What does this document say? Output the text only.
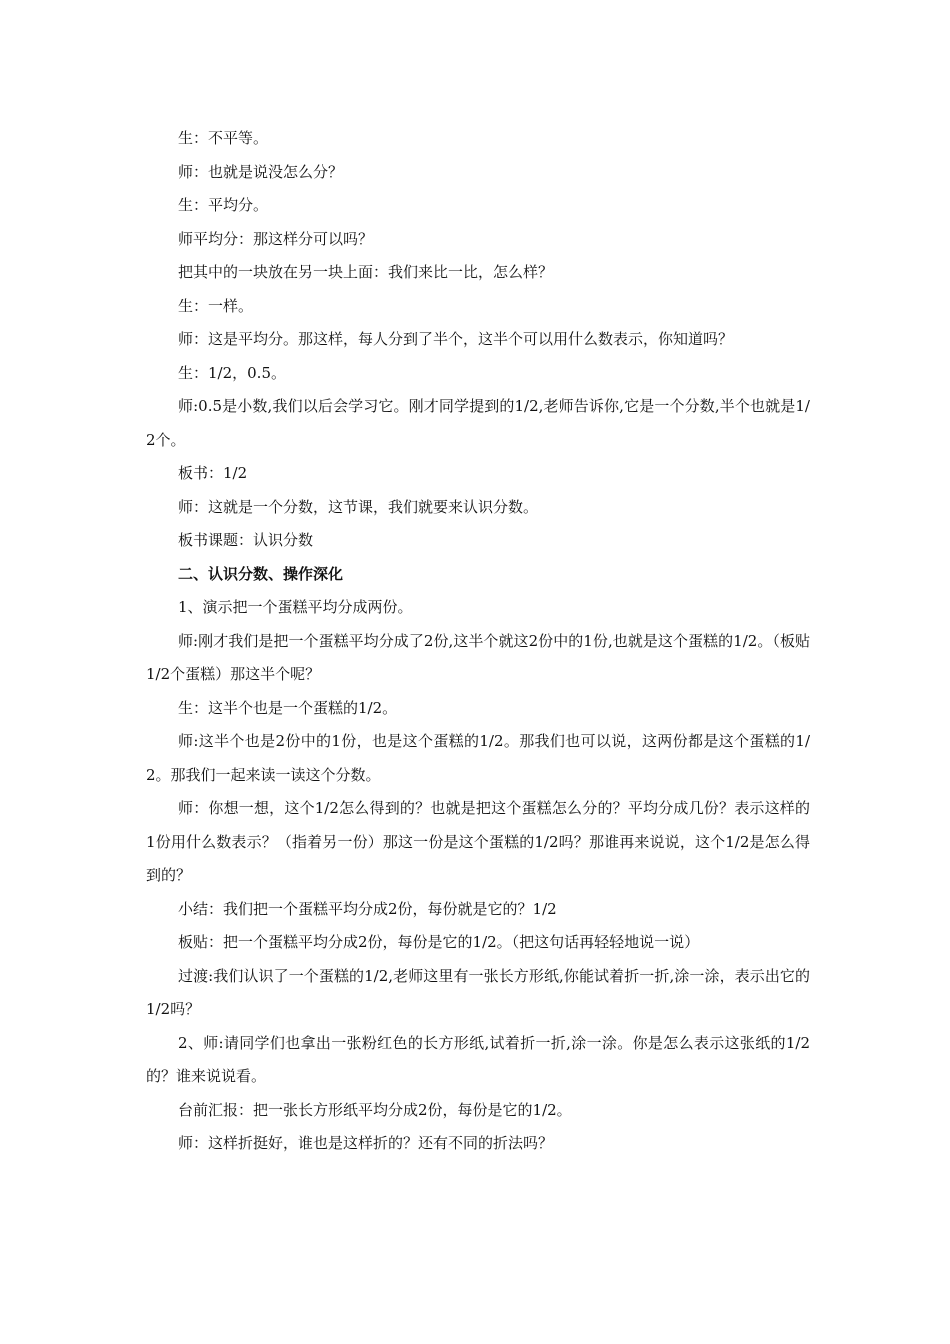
生：不平等。

师：也就是说没怎么分？

生：平均分。

师平均分：那这样分可以吗？

把其中的一块放在另一块上面：我们来比一比，怎么样？

生：一样。

师：这是平均分。那这样，每人分到了半个，这半个可以用什么数表示，你知道吗？

生：1/2，0.5。

师:0.5是小数,我们以后会学习它。刚才同学提到的1/2,老师告诉你,它是一个分数,半个也就是1/2个。

板书：1/2

师：这就是一个分数，这节课，我们就要来认识分数。

板书课题：认识分数

二、认识分数、操作深化

1、演示把一个蛋糕平均分成两份。

师:刚才我们是把一个蛋糕平均分成了2份,这半个就这2份中的1份,也就是这个蛋糕的1/2。（板贴1/2个蛋糕）那这半个呢？

生：这半个也是一个蛋糕的1/2。

师:这半个也是2份中的1份，也是这个蛋糕的1/2。那我们也可以说，这两份都是这个蛋糕的1/2。那我们一起来读一读这个分数。

师：你想一想，这个1/2怎么得到的？也就是把这个蛋糕怎么分的？平均分成几份？表示这样的1份用什么数表示？（指着另一份）那这一份是这个蛋糕的1/2吗？那谁再来说说，这个1/2是怎么得到的？

小结：我们把一个蛋糕平均分成2份，每份就是它的？1/2

板贴：把一个蛋糕平均分成2份，每份是它的1/2。（把这句话再轻轻地说一说）

过渡:我们认识了一个蛋糕的1/2,老师这里有一张长方形纸,你能试着折一折,涂一涂，表示出它的1/2吗？

2、师:请同学们也拿出一张粉红色的长方形纸,试着折一折,涂一涂。你是怎么表示这张纸的1/2的？谁来说说看。

台前汇报：把一张长方形纸平均分成2份，每份是它的1/2。

师：这样折挺好，谁也是这样折的？还有不同的折法吗？
